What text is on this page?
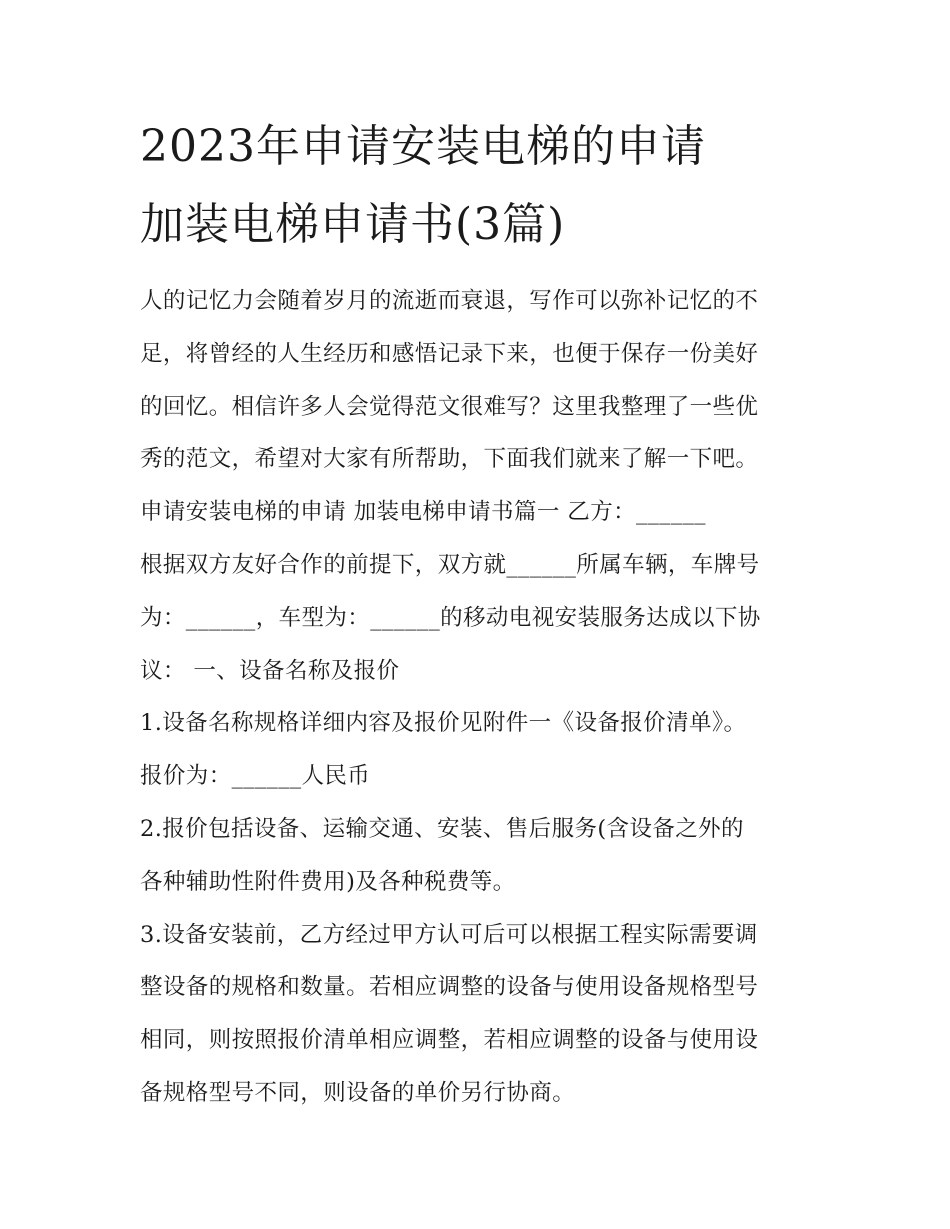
2023年申请安装电梯的申请
加装电梯申请书(3篇)
人的记忆力会随着岁月的流逝而衰退，写作可以弥补记忆的不
足，将曾经的人生经历和感悟记录下来，也便于保存一份美好
的回忆。相信许多人会觉得范文很难写？这里我整理了一些优
秀的范文，希望对大家有所帮助，下面我们就来了解一下吧。
申请安装电梯的申请 加装电梯申请书篇一 乙方：______
根据双方友好合作的前提下，双方就______所属车辆，车牌号
为：______，车型为：______的移动电视安装服务达成以下协
议： 一、设备名称及报价
1.设备名称规格详细内容及报价见附件一《设备报价清单》。
报价为：______人民币
2.报价包括设备、运输交通、安装、售后服务(含设备之外的
各种辅助性附件费用)及各种税费等。
3.设备安装前，乙方经过甲方认可后可以根据工程实际需要调
整设备的规格和数量。若相应调整的设备与使用设备规格型号
相同，则按照报价清单相应调整，若相应调整的设备与使用设
备规格型号不同，则设备的单价另行协商。
